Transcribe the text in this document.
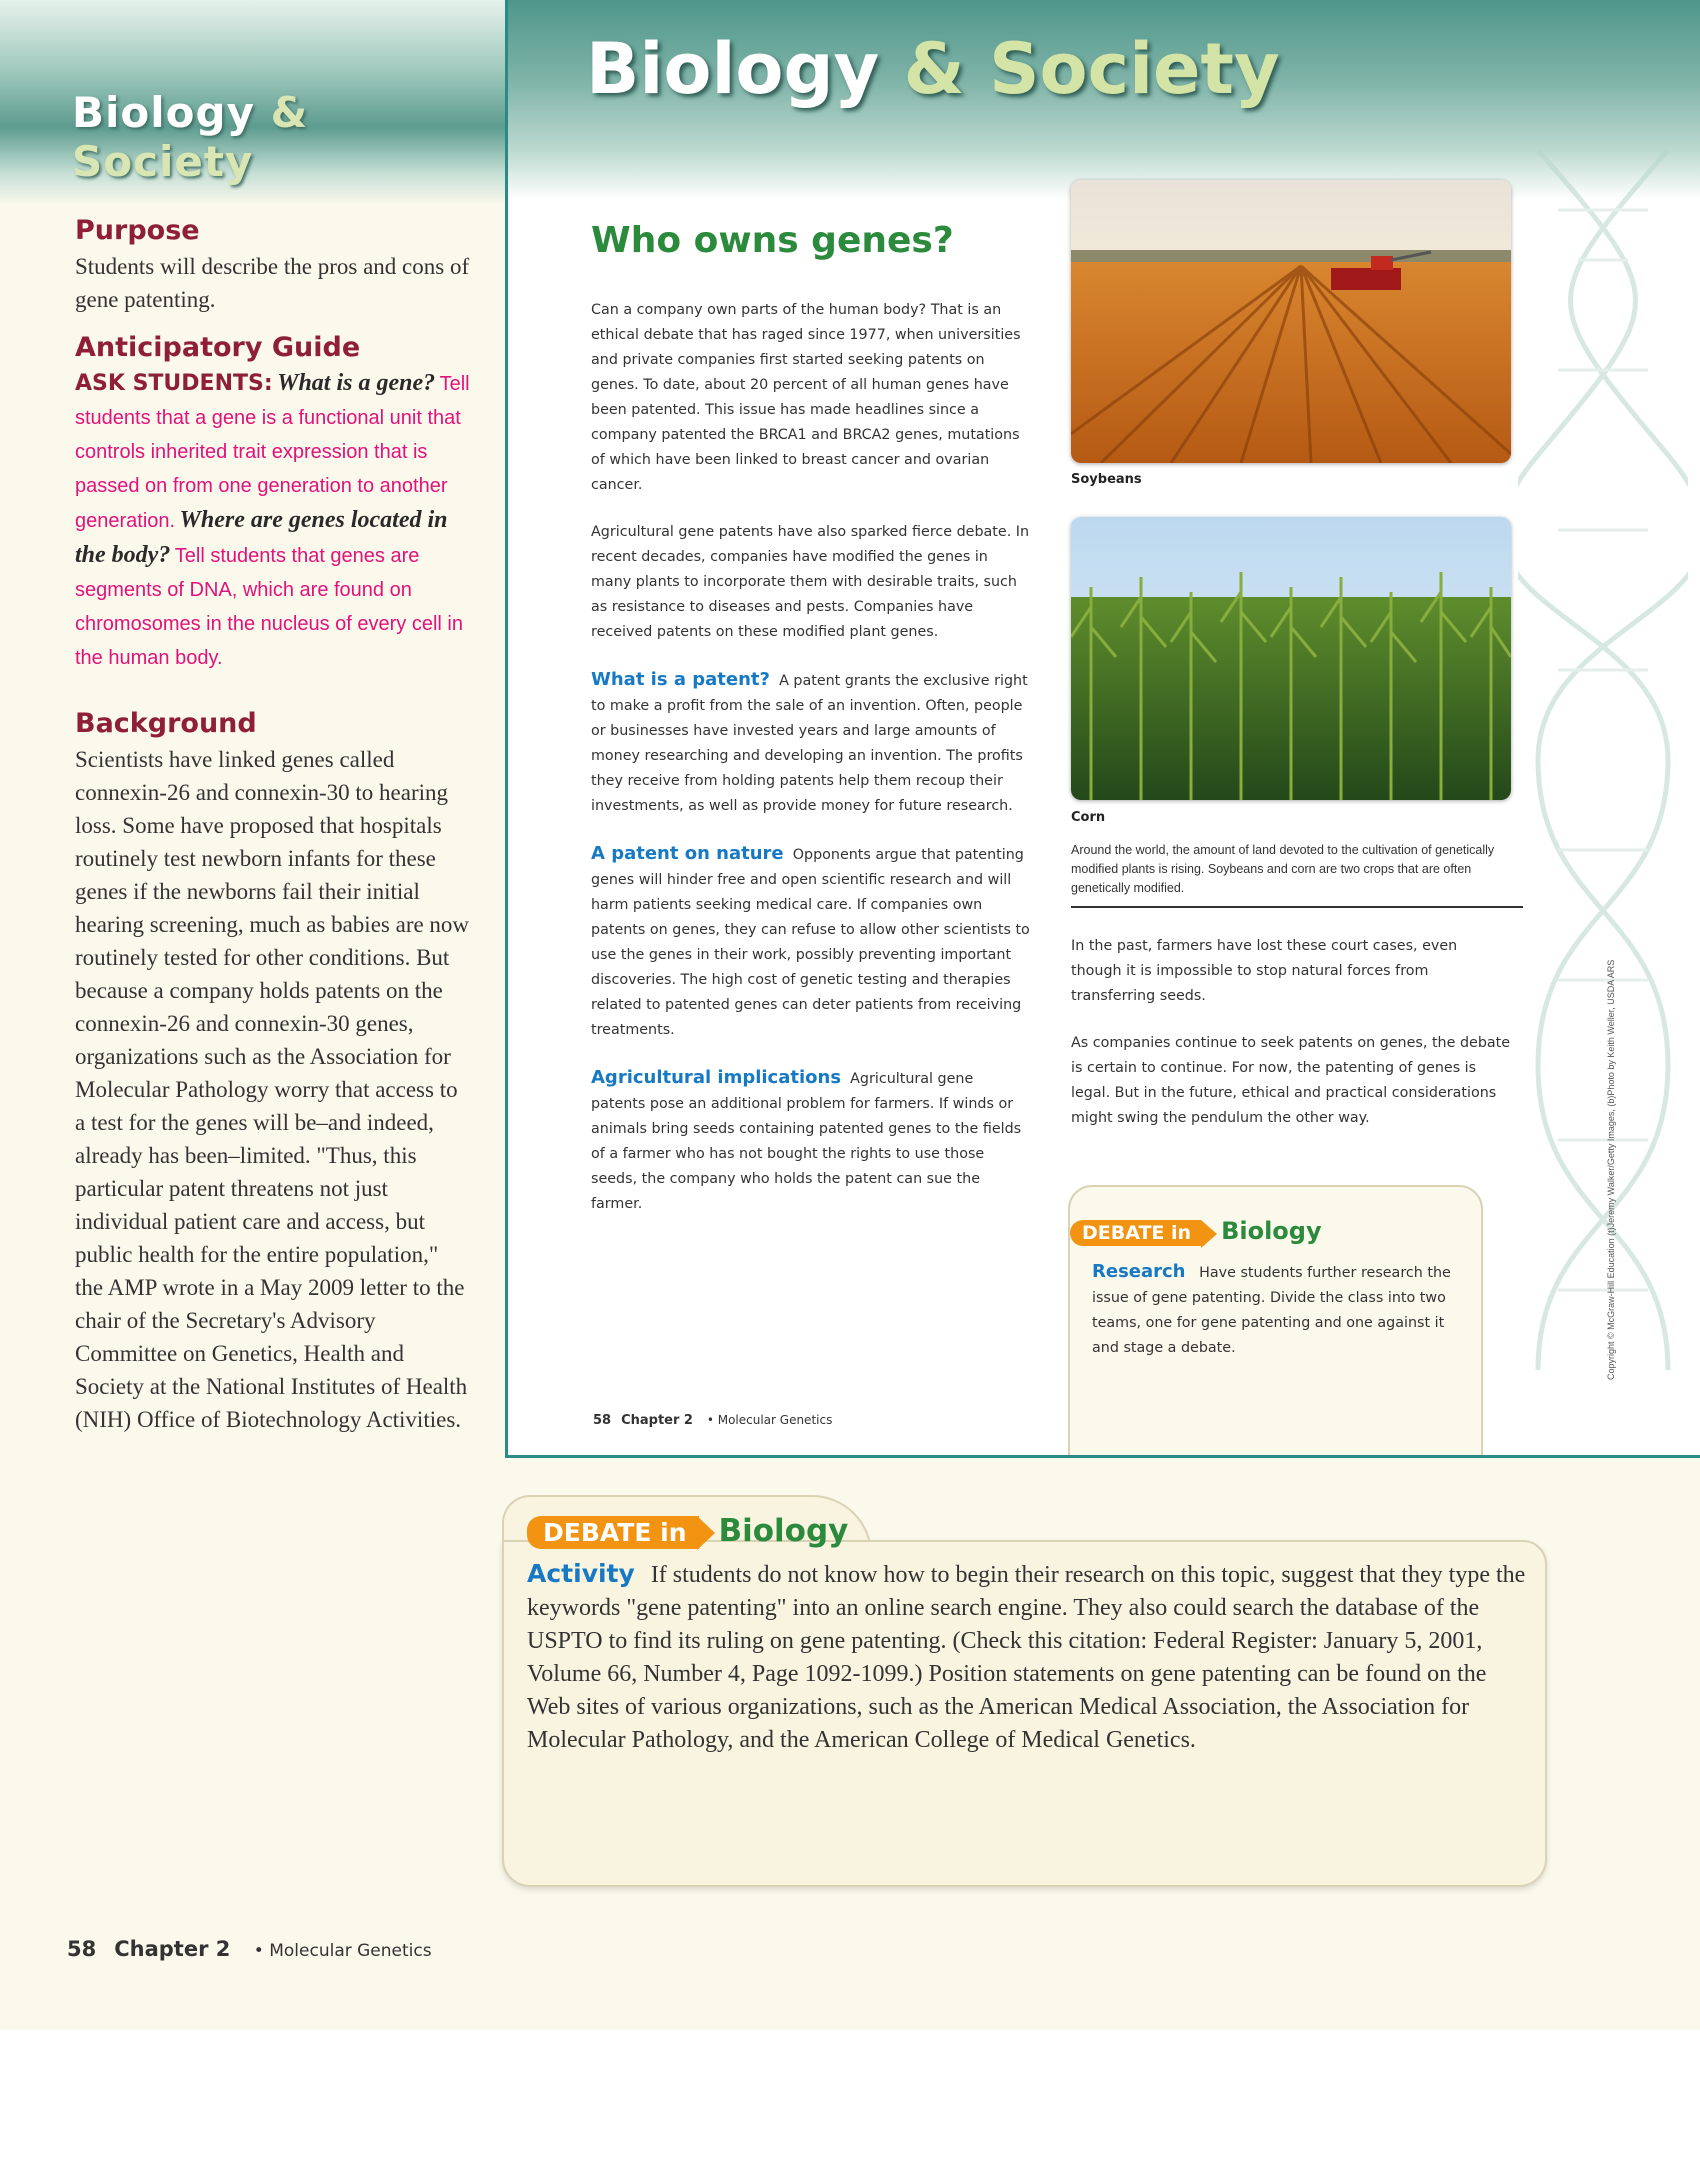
Biology & Society
Purpose
Students will describe the pros and cons of gene patenting.
Anticipatory Guide
ASK STUDENTS: What is a gene? Tell students that a gene is a functional unit that controls inherited trait expression that is passed on from one generation to another generation. Where are genes located in the body? Tell students that genes are segments of DNA, which are found on chromosomes in the nucleus of every cell in the human body.
Background
Scientists have linked genes called connexin-26 and connexin-30 to hearing loss. Some have proposed that hospitals routinely test newborn infants for these genes if the newborns fail their initial hearing screening, much as babies are now routinely tested for other conditions. But because a company holds patents on the connexin-26 and connexin-30 genes, organizations such as the Association for Molecular Pathology worry that access to a test for the genes will be–and indeed, already has been–limited. "Thus, this particular patent threatens not just individual patient care and access, but public health for the entire population," the AMP wrote in a May 2009 letter to the chair of the Secretary's Advisory Committee on Genetics, Health and Society at the National Institutes of Health (NIH) Office of Biotechnology Activities.
Biology & Society
Who owns genes?

Can a company own parts of the human body? That is an ethical debate that has raged since 1977, when universities and private companies first started seeking patents on genes. To date, about 20 percent of all human genes have been patented. This issue has made headlines since a company patented the BRCA1 and BRCA2 genes, mutations of which have been linked to breast cancer and ovarian cancer.

Agricultural gene patents have also sparked fierce debate. In recent decades, companies have modified the genes in many plants to incorporate them with desirable traits, such as resistance to diseases and pests. Companies have received patents on these modified plant genes.

What is a patent? A patent grants the exclusive right to make a profit from the sale of an invention. Often, people or businesses have invested years and large amounts of money researching and developing an invention. The profits they receive from holding patents help them recoup their investments, as well as provide money for future research.

A patent on nature Opponents argue that patenting genes will hinder free and open scientific research and will harm patients seeking medical care. If companies own patents on genes, they can refuse to allow other scientists to use the genes in their work, possibly preventing important discoveries. The high cost of genetic testing and therapies related to patented genes can deter patients from receiving treatments.

Agricultural implications Agricultural gene patents pose an additional problem for farmers. If winds or animals bring seeds containing patented genes to the fields of a farmer who has not bought the rights to use those seeds, the company who holds the patent can sue the farmer.

Soybeans
Corn
Around the world, the amount of land devoted to the cultivation of genetically modified plants is rising. Soybeans and corn are two crops that are often genetically modified.

In the past, farmers have lost these court cases, even though it is impossible to stop natural forces from transferring seeds.

As companies continue to seek patents on genes, the debate is certain to continue. For now, the patenting of genes is legal. But in the future, ethical and practical considerations might swing the pendulum the other way.

DEBATE in Biology
Research Have students further research the issue of gene patenting. Divide the class into two teams, one for gene patenting and one against it and stage a debate.
58 Chapter 2 • Molecular Genetics
Copyright © McGraw-Hill Education (t)Jeremy Walker/Getty Images, (b)Photo by Keith Weller, USDA ARS
DEBATE in Biology
Activity If students do not know how to begin their research on this topic, suggest that they type the keywords "gene patenting" into an online search engine. They also could search the database of the USPTO to find its ruling on gene patenting. (Check this citation: Federal Register: January 5, 2001, Volume 66, Number 4, Page 1092-1099.) Position statements on gene patenting can be found on the Web sites of various organizations, such as the American Medical Association, the Association for Molecular Pathology, and the American College of Medical Genetics.
58 Chapter 2 • Molecular Genetics
